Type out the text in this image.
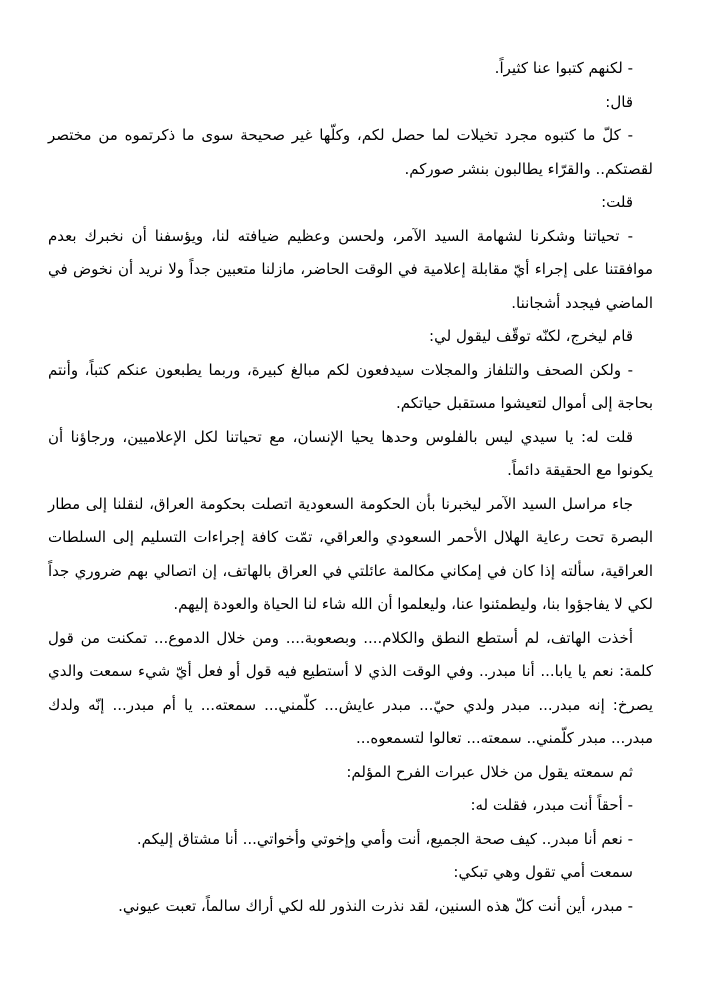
- لكنهم كتبوا عنا كثيراً.

قال:

- كلّ ما كتبوه مجرد تخيلات لما حصل لكم، وكلّها غير صحيحة سوى ما ذكرتموه من مختصر لقصتكم.. والقرّاء يطالبون بنشر صوركم.

قلت:

- تحياتنا وشكرنا لشهامة السيد الآمر، ولحسن وعظيم ضيافته لنا، ويؤسفنا أن نخبرك بعدم موافقتنا على إجراء أيّ مقابلة إعلامية في الوقت الحاضر، مازلنا متعبين جداً ولا نريد أن نخوض في الماضي فيجدد أشجاننا.

قام ليخرج، لكنّه توقّف ليقول لي:

- ولكن الصحف والتلفاز والمجلات سيدفعون لكم مبالغ كبيرة، وربما يطبعون عنكم كتباً، وأنتم بحاجة إلى أموال لتعيشوا مستقبل حياتكم.

قلت له: يا سيدي ليس بالفلوس وحدها يحيا الإنسان، مع تحياتنا لكل الإعلاميين، ورجاؤنا أن يكونوا مع الحقيقة دائماً.

جاء مراسل السيد الآمر ليخبرنا بأن الحكومة السعودية اتصلت بحكومة العراق، لنقلنا إلى مطار البصرة تحت رعاية الهلال الأحمر السعودي والعراقي، تمّت كافة إجراءات التسليم إلى السلطات العراقية، سألته إذا كان في إمكاني مكالمة عائلتي في العراق بالهاتف، إن اتصالي بهم ضروري جداً لكي لا يفاجؤوا بنا، وليطمئنوا عنا، وليعلموا أن الله شاء لنا الحياة والعودة إليهم.

أخذت الهاتف، لم أستطع النطق والكلام.... وبصعوبة.... ومن خلال الدموع... تمكنت من قول كلمة: نعم يا يابا... أنا مبدر.. وفي الوقت الذي لا أستطيع فيه قول أو فعل أيّ شيء سمعت والدي يصرخ: إنه مبدر... مبدر ولدي حيّ... مبدر عايش... كلّمني... سمعته... يا أم مبدر... إنّه ولدك مبدر... مبدر كلّمني.. سمعته... تعالوا لتسمعوه...

ثم سمعته يقول من خلال عبرات الفرح المؤلم:

- أحقاً أنت مبدر، فقلت له:

- نعم أنا مبدر.. كيف صحة الجميع، أنت وأمي وإخوتي وأخواتي... أنا مشتاق إليكم.

سمعت أمي تقول وهي تبكي:

- مبدر، أين أنت كلّ هذه السنين، لقد نذرت النذور لله لكي أراك سالماً، تعبت عيوني.
